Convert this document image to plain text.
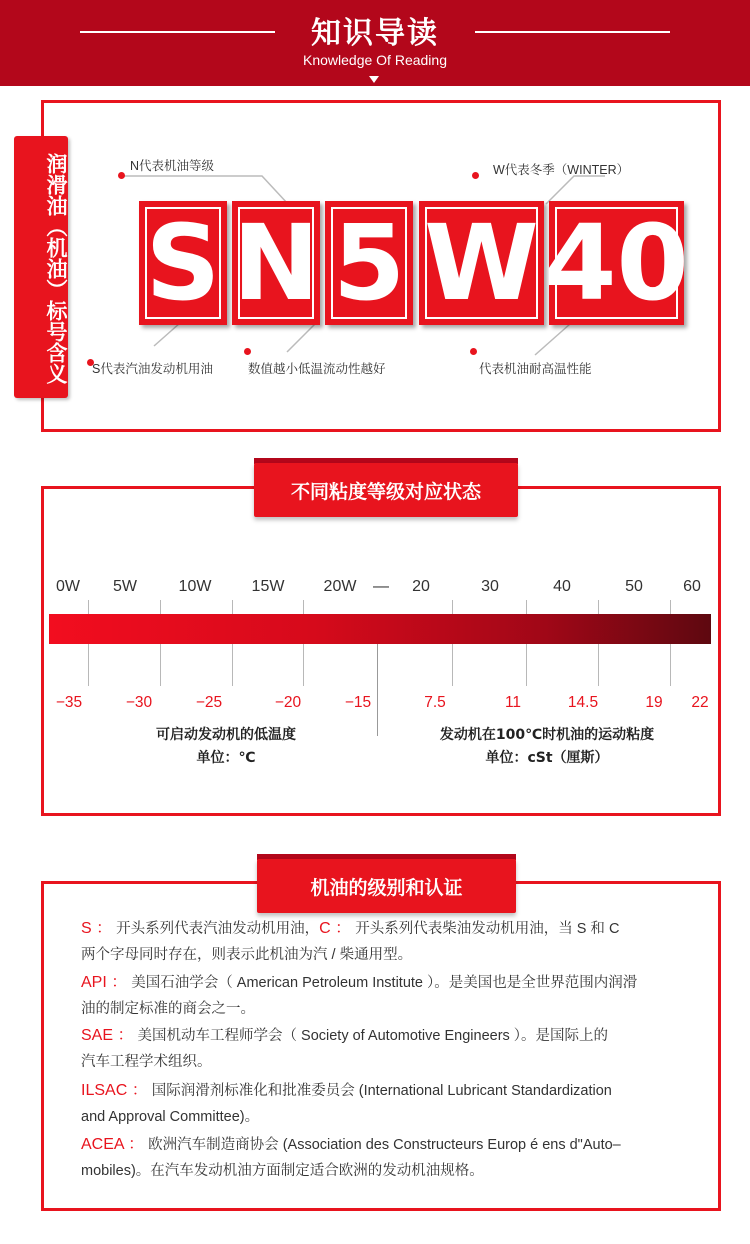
知识导读
Knowledge Of Reading
润滑油（机油）标号含义	N代表机油等级	W代表冬季（WINTER）
S N 5 W 40
S代表汽油发动机用油	数值越小低温流动性越好	代表机油耐高温性能
不同粘度等级对应状态
0W 5W	10W	15W 20W — 20	30	40	50	60
−35	−30	−25	−20	−15	7.5	11	14.5	19 22
可启动发动机的低温度
单位：℃
发动机在100℃时机油的运动粘度
单位：cSt（厘斯）
机油的级别和认证
S ： 开头系列代表汽油发动机用油，C ： 开头系列代表柴油发动机用油，当 S 和 C
两个字母同时存在，则表示此机油为汽 / 柴通用型。
API ： 美国石油学会（ American Petroleum Institute ）。是美国也是全世界范围内润滑
油的制定标准的商会之一。
SAE ： 美国机动车工程师学会（ Society of Automotive Engineers ）。是国际上的
汽车工程学术组织。
ILSAC ： 国际润滑剂标准化和批准委员会 (International Lubricant Standardization
and Approval Committee)。
ACEA ： 欧洲汽车制造商协会 (Association des Constructeurs Europ é ens d"Auto–
mobiles)。在汽车发动机油方面制定适合欧洲的发动机油规格。
